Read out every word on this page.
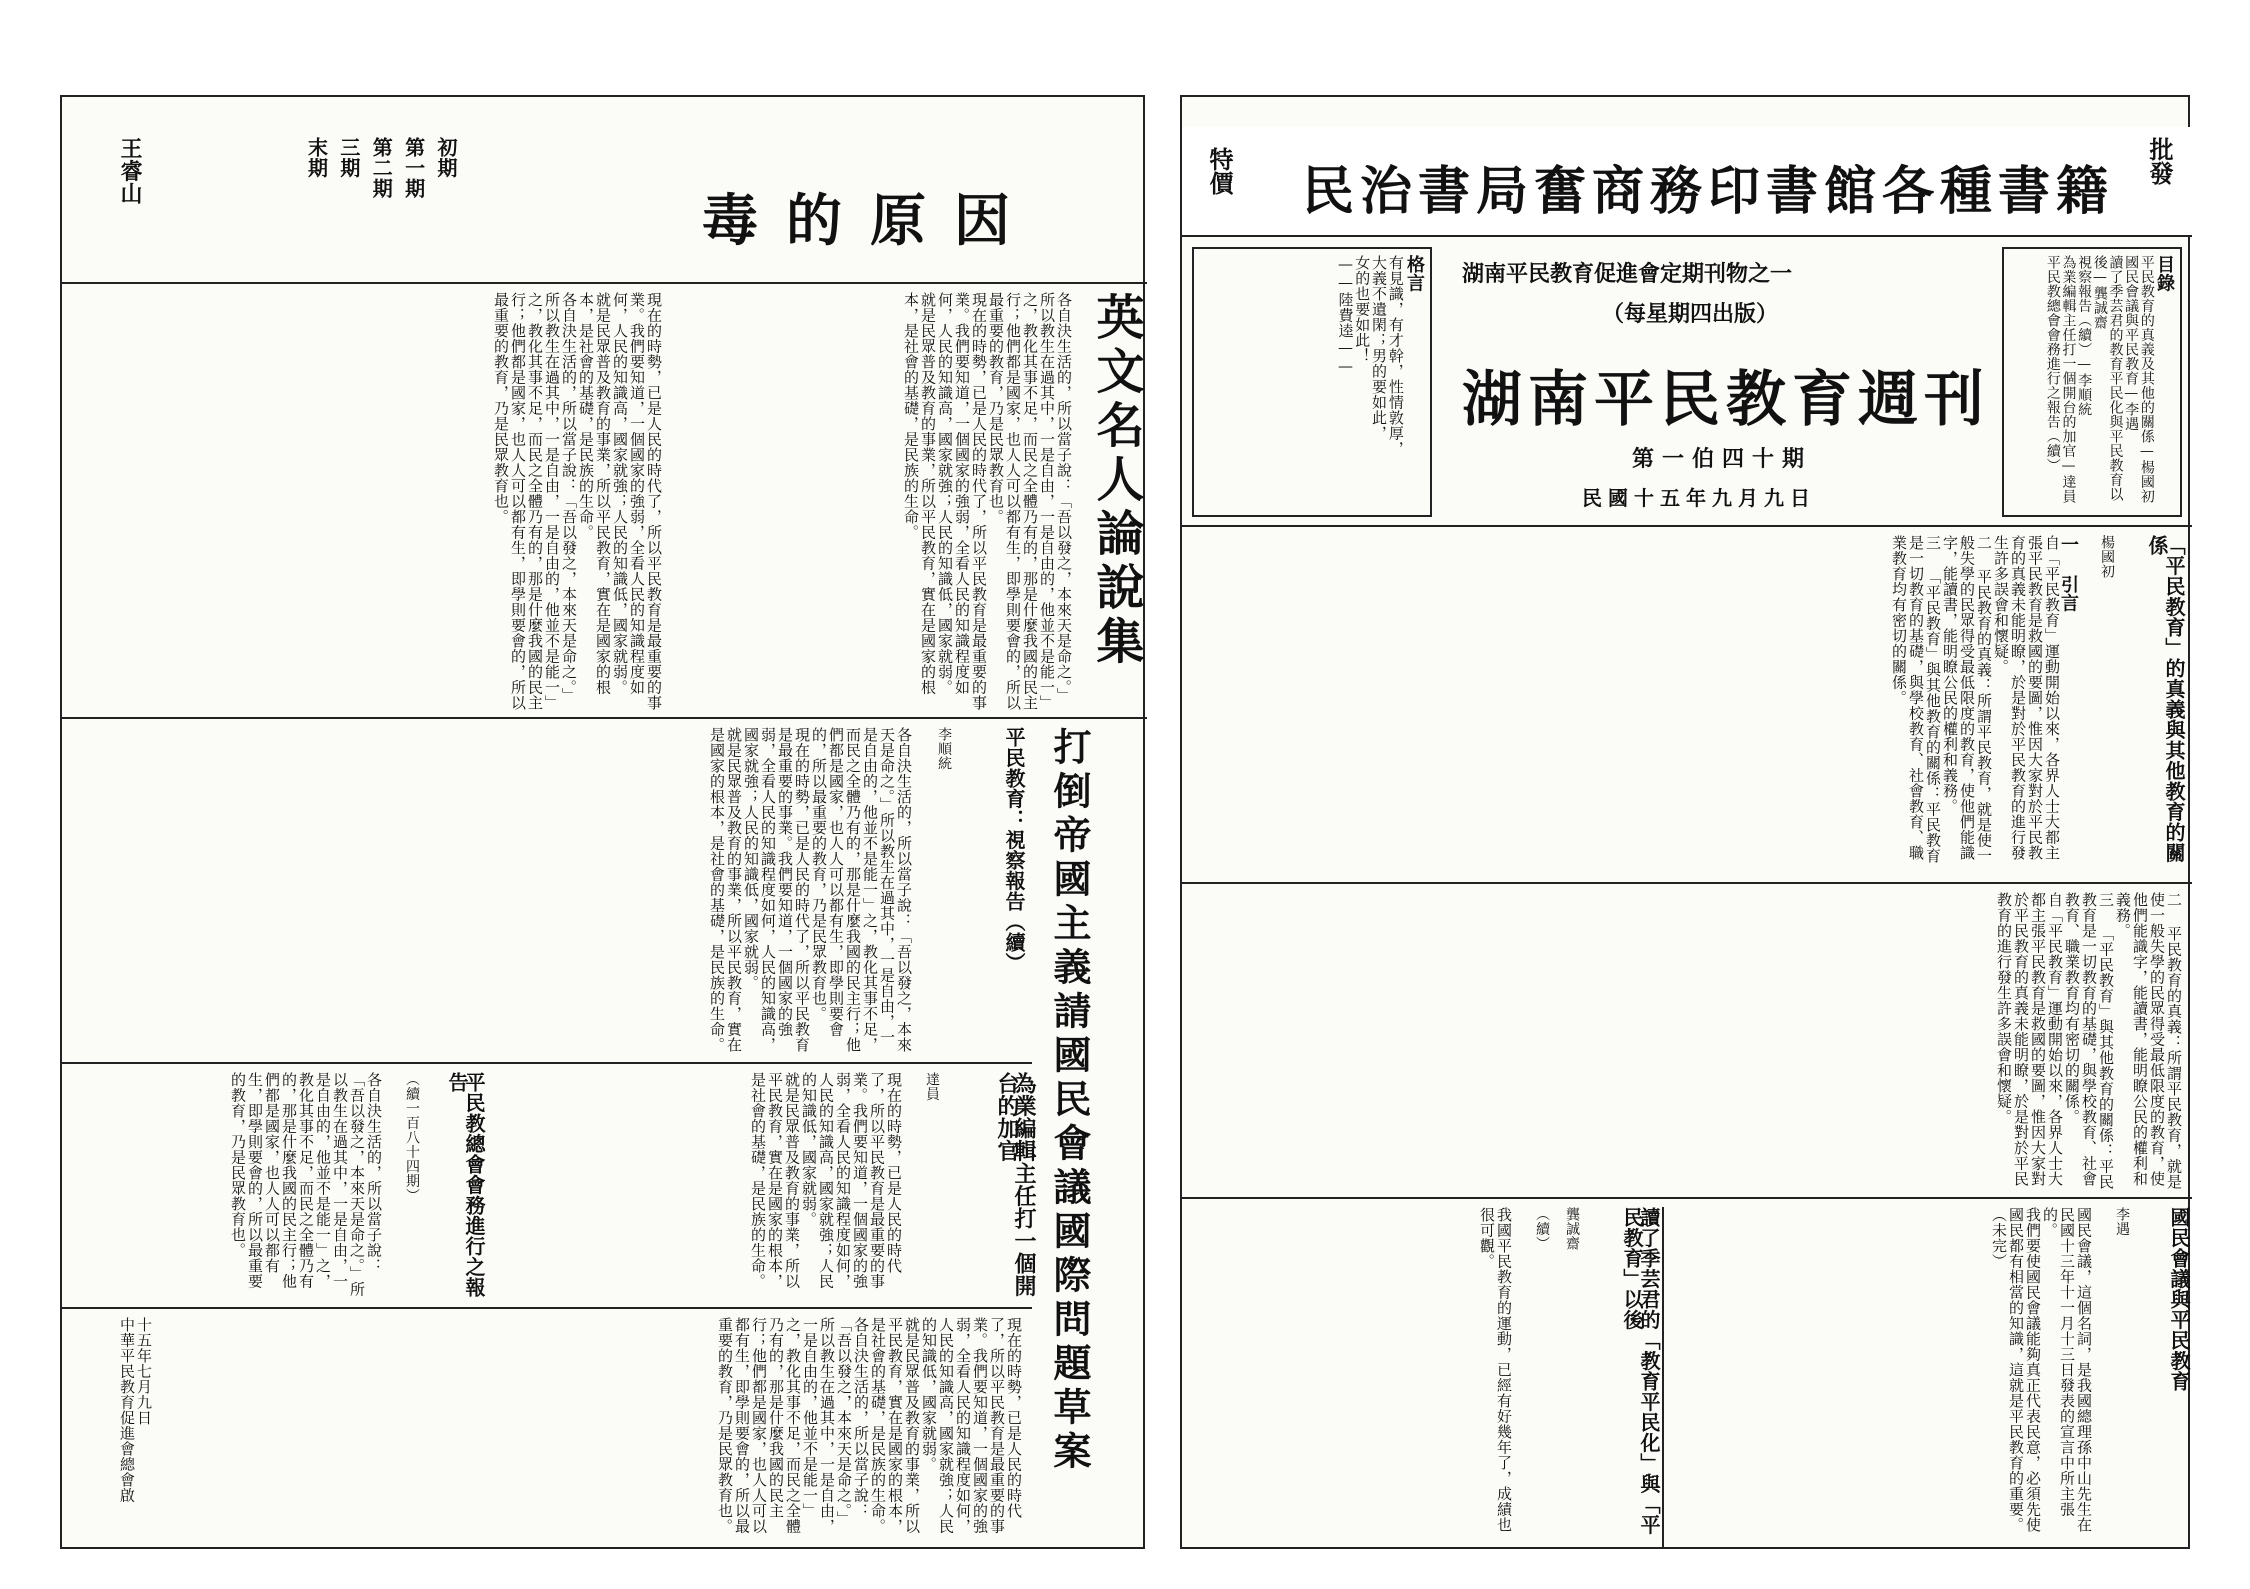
王睿山	初期
第一期
第二期
三期
末期
毒的原因
英文名人論說集

各自決生活的，所以當子說：「吾以發之，本來天是命之。」所以教生在過其中，一是自由，一是自由的，他並不是能一」之，教化其事不足，而民之全體乃有的，那是什麼我國的民主行；他們都是國家，也人人可以都有生，即學則要會的，所以最重要的教育，乃是民眾教育也。

現在的時勢，已是人民的時代了，所以平民教育是最重要的事業。我們要知道，一個國家的強弱，全看人民的知識程度如何，人民的知識高，國家就強；人民的知識低，國家就弱。

就是民眾普及教育的事業，所以平民教育，實在是國家的根本，是社會的基礎，是民族的生命。

現在的時勢，已是人民的時代了，所以平民教育是最重要的事業。我們要知道，一個國家的強弱，全看人民的知識程度如何，人民的知識高，國家就強；人民的知識低，國家就弱。

就是民眾普及教育的事業，所以平民教育，實在是國家的根本，是社會的基礎，是民族的生命。

各自決生活的，所以當子說：「吾以發之，本來天是命之。」所以教生在過其中，一是自由，一是自由的，他並不是能一」之，教化其事不足，而民之全體乃有的，那是什麼我國的民主行；他們都是國家，也人人可以都有生，即學則要會的，所以最重要的教育，乃是民眾教育也。

平民教育：視察報告（續）
李順統

各自決生活的，所以當子說：「吾以發之，本來天是命之。」所以教生在過其中，一是自由，一是自由的，他並不是能一」之，教化其事不足，而民之全體乃有的，那是什麼我國的民主行；他們都是國家，也人人可以都有生，即學則要會的，所以最重要的教育，乃是民眾教育也。

現在的時勢，已是人民的時代了，所以平民教育是最重要的事業。我們要知道，一個國家的強弱，全看人民的知識程度如何，人民的知識高，國家就強；人民的知識低，國家就弱。

就是民眾普及教育的事業，所以平民教育，實在是國家的根本，是社會的基礎，是民族的生命。	打倒帝國主義請國民會議國際問題草案
為業編輯主任打一個開台的加官
達員

現在的時勢，已是人民的時代了，所以平民教育是最重要的事業。我們要知道，一個國家的強弱，全看人民的知識程度如何，人民的知識高，國家就強；人民的知識低，國家就弱。

就是民眾普及教育的事業，所以平民教育，實在是國家的根本，是社會的基礎，是民族的生命。

平民教總會會務進行之報告
（續一百八十四期）

各自決生活的，所以當子說：「吾以發之，本來天是命之。」所以教生在過其中，一是自由，一是自由的，他並不是能一」之，教化其事不足，而民之全體乃有的，那是什麼我國的民主行；他們都是國家，也人人可以都有生，即學則要會的，所以最重要的教育，乃是民眾教育也。

現在的時勢，已是人民的時代了，所以平民教育是最重要的事業。我們要知道，一個國家的強弱，全看人民的知識程度如何，人民的知識高，國家就強；人民的知識低，國家就弱。

就是民眾普及教育的事業，所以平民教育，實在是國家的根本，是社會的基礎，是民族的生命。

各自決生活的，所以當子說：「吾以發之，本來天是命之。」所以教生在過其中，一是自由，一是自由的，他並不是能一」之，教化其事不足，而民之全體乃有的，那是什麼我國的民主行；他們都是國家，也人人可以都有生，即學則要會的，所以最重要的教育，乃是民眾教育也。

十五年七月九日

中華平民教育促進會總會啟

特價 民治書局奮商務印書館各種書籍 批發

目錄

平民教育的真義及其他的關係—楊國初

國民會議與平民教育—李遇

讀了季芸君的教育平民化與平民教育以後—龔誠齋

視察報告（續）—李順統

為業編輯主任打一個開台的加官—達員

平民教總會會務進行之報告（續）

湖南平民教育促進會定期刊物之一
（每星期四出版）
湖南平民教育週刊
第一伯四十期
民國十五年九月九日

格言

有見識，有才幹，性情敦厚，

大義不遺閑；男的要如此，

女的也要如此！

——陸費逵——

「平民教育」的真義與其他教育的關係
楊國初

一 引言

自「平民教育」運動開始以來，各界人士大都主張平民教育是救國的要圖，惟因大家對於平民教育的真義未能明瞭，於是對於平民教育的進行發生許多誤會和懷疑。

二 平民教育的真義：所謂平民教育，就是使一般失學的民眾得受最低限度的教育，使他們能識字，能讀書，能明瞭公民的權利和義務。

三 「平民教育」與其他教育的關係：平民教育是一切教育的基礎，與學校教育、社會教育、職業教育均有密切的關係。

二 平民教育的真義：所謂平民教育，就是使一般失學的民眾得受最低限度的教育，使他們能識字，能讀書，能明瞭公民的權利和義務。

三 「平民教育」與其他教育的關係：平民教育是一切教育的基礎，與學校教育、社會教育、職業教育均有密切的關係。

自「平民教育」運動開始以來，各界人士大都主張平民教育是救國的要圖，惟因大家對於平民教育的真義未能明瞭，於是對於平民教育的進行發生許多誤會和懷疑。

國民會議與平民教育
李遇

國民會議，這個名詞，是我國總理孫中山先生在民國十三年十一月十三日發表的宣言中所主張的。

我們要使國民會議能夠真正代表民意，必須先使國民都有相當的知識，這就是平民教育的重要。

（未完）

讀了季芸君的「教育平民化」與「平民教育」以後
龔誠齋
（續）

我國平民教育的運動，已經有好幾年了，成績也很可觀。
